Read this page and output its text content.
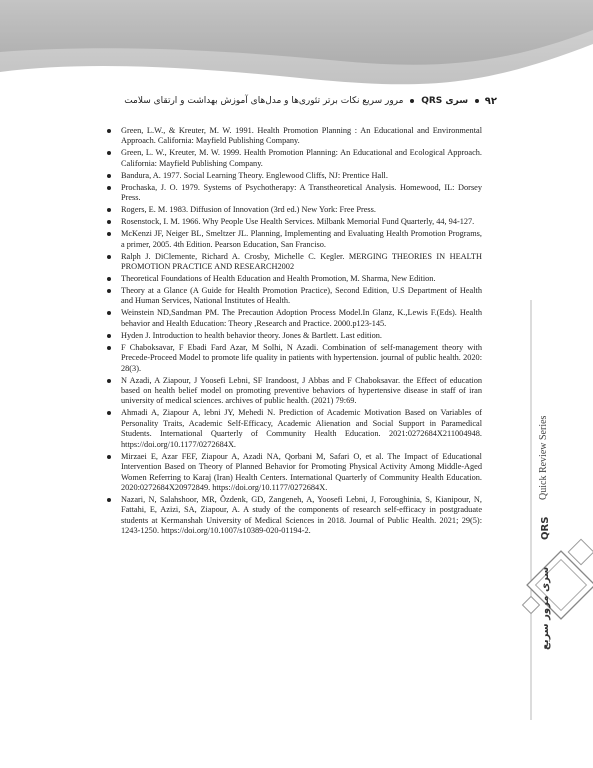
۹۲
سری QRS  مرور سریع نکات برتر تئوری‌ها و مدل‌های آموزش بهداشت و ارتقای سلامت
Green, L.W., & Kreuter, M. W. 1991. Health Promotion Planning : An Educational and Environmental Approach. California: Mayfield Publishing Company.
Green, L. W., Kreuter, M. W. 1999. Health Promotion Planning: An Educational and Ecological Approach. California: Mayfield Publishing Company.
Bandura, A. 1977. Social Learning Theory. Englewood Cliffs, NJ: Prentice Hall.
Prochaska, J. O. 1979. Systems of Psychotherapy: A Transtheoretical Analysis. Homewood, IL: Dorsey Press.
Rogers, E. M. 1983. Diffusion of Innovation (3rd ed.) New York: Free Press.
Rosenstock, I. M. 1966. Why People Use Health Services. Milbank Memorial Fund Quarterly, 44, 94-127.
McKenzi JF, Neiger BL, Smeltzer JL. Planning, Implementing and Evaluating Health Promotion Programs, a primer, 2005. 4th Edition. Pearson Education, San Franciso.
Ralph J. DiClemente, Richard A. Crosby, Michelle C. Kegler. MERGING THEORIES IN HEALTH PROMOTION PRACTICE AND RESEARCH2002
Theoretical Foundations of Health Education and Health Promotion, M. Sharma, New Edition.
Theory at a Glance (A Guide for Health Promotion Practice), Second Edition, U.S Department of Health and Human Services, National Institutes of Health.
Weinstein ND,Sandman PM. The Precaution Adoption Process Model.In Glanz, K.,Lewis F.(Eds). Health behavior and Health Education: Theory ,Research and Practice. 2000.p123-145.
Hyden J. Introduction to health behavior theory. Jones & Bartlett. Last edition.
F Chaboksavar, F Ebadi Fard Azar, M Solhi, N Azadi. Combination of self-management theory with Precede-Proceed Model to promote life quality in patients with hypertension. journal of public health. 2020: 28(3).
N Azadi, A Ziapour, J Yoosefi Lebni, SF Irandoost, J Abbas and F Chaboksavar. the Effect of education based on health belief model on promoting preventive behaviors of hypertensive disease in staff of iran university of medical sciences. archives of public health. (2021) 79:69.
Ahmadi A, Ziapour A, lebni JY, Mehedi N. Prediction of Academic Motivation Based on Variables of Personality Traits, Academic Self-Efficacy, Academic Alienation and Social Support in Paramedical Students. International Quarterly of Community Health Education. 2021:0272684X211004948. https://doi.org/10.1177/0272684X.
Mirzaei E, Azar FEF, Ziapour A, Azadi NA, Qorbani M, Safari O, et al. The Impact of Educational Intervention Based on Theory of Planned Behavior for Promoting Physical Activity Among Middle-Aged Women Referring to Karaj (Iran) Health Centers. International Quarterly of Community Health Education. 2020:0272684X20972849. https://doi.org/10.1177/0272684X.
Nazari, N, Salahshoor, MR, Özdenk, GD, Zangeneh, A, Yoosefi Lebni, J, Foroughinia, S, Kianipour, N, Fattahi, E, Azizi, SA, Ziapour, A. A study of the components of research self-efficacy in postgraduate students at Kermanshah University of Medical Sciences in 2018. Journal of Public Health. 2021; 29(5): 1243-1250. https://doi.org/10.1007/s10389-020-01194-2.
Quick Review Series
QRS
سری مرور سریع
